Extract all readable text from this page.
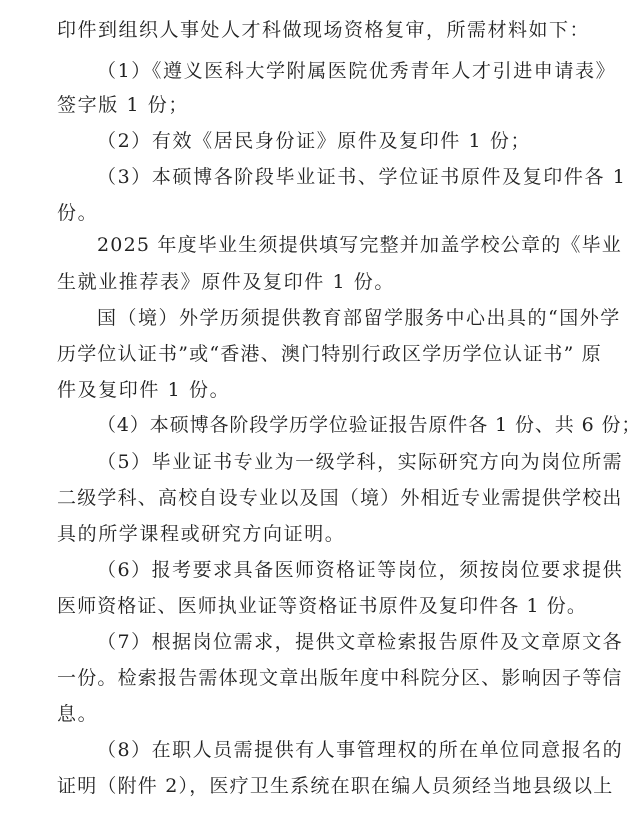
印件到组织人事处人才科做现场资格复审，所需材料如下：
（1）《遵义医科大学附属医院优秀青年人才引进申请表》
签字版 1 份；
（2）有效《居民身份证》原件及复印件 1 份；
（3）本硕博各阶段毕业证书、学位证书原件及复印件各 1
份。
2025 年度毕业生须提供填写完整并加盖学校公章的《毕业
生就业推荐表》原件及复印件 1 份。
国（境）外学历须提供教育部留学服务中心出具的“国外学
历学位认证书”或“香港、澳门特别行政区学历学位认证书” 原
件及复印件 1 份。
（4）本硕博各阶段学历学位验证报告原件各 1 份、共 6 份；
（5）毕业证书专业为一级学科，实际研究方向为岗位所需
二级学科、高校自设专业以及国（境）外相近专业需提供学校出
具的所学课程或研究方向证明。
（6）报考要求具备医师资格证等岗位，须按岗位要求提供
医师资格证、医师执业证等资格证书原件及复印件各 1 份。
（7）根据岗位需求，提供文章检索报告原件及文章原文各
一份。检索报告需体现文章出版年度中科院分区、影响因子等信
息。
（8）在职人员需提供有人事管理权的所在单位同意报名的
证明（附件 2），医疗卫生系统在职在编人员须经当地县级以上
